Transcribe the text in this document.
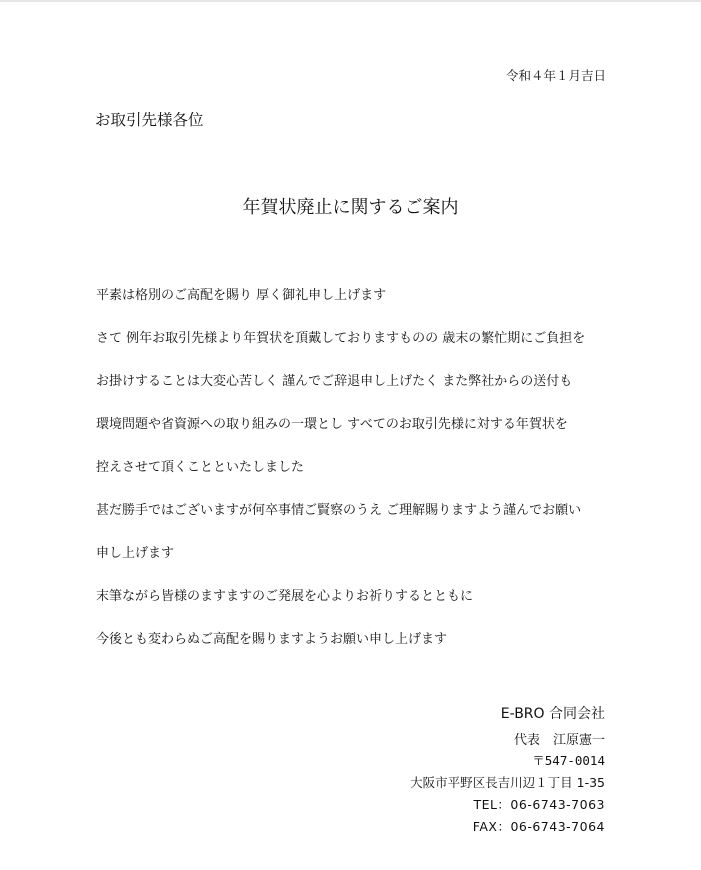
令和４年１月吉日
お取引先様各位
年賀状廃止に関するご案内
平素は格別のご高配を賜り 厚く御礼申し上げます
さて 例年お取引先様より年賀状を頂戴しておりますものの 歳末の繁忙期にご負担を
お掛けすることは大変心苦しく 謹んでご辞退申し上げたく また弊社からの送付も
環境問題や省資源への取り組みの一環とし すべてのお取引先様に対する年賀状を
控えさせて頂くことといたしました
甚だ勝手ではございますが何卒事情ご賢察のうえ ご理解賜りますよう謹んでお願い
申し上げます
末筆ながら皆様のますますのご発展を心よりお祈りするとともに
今後とも変わらぬご高配を賜りますようお願い申し上げます
E-BRO 合同会社
代表　江原憲一
〒547-0014
大阪市平野区長吉川辺１丁目 1-35
TEL：06-6743-7063
FAX：06-6743-7064
